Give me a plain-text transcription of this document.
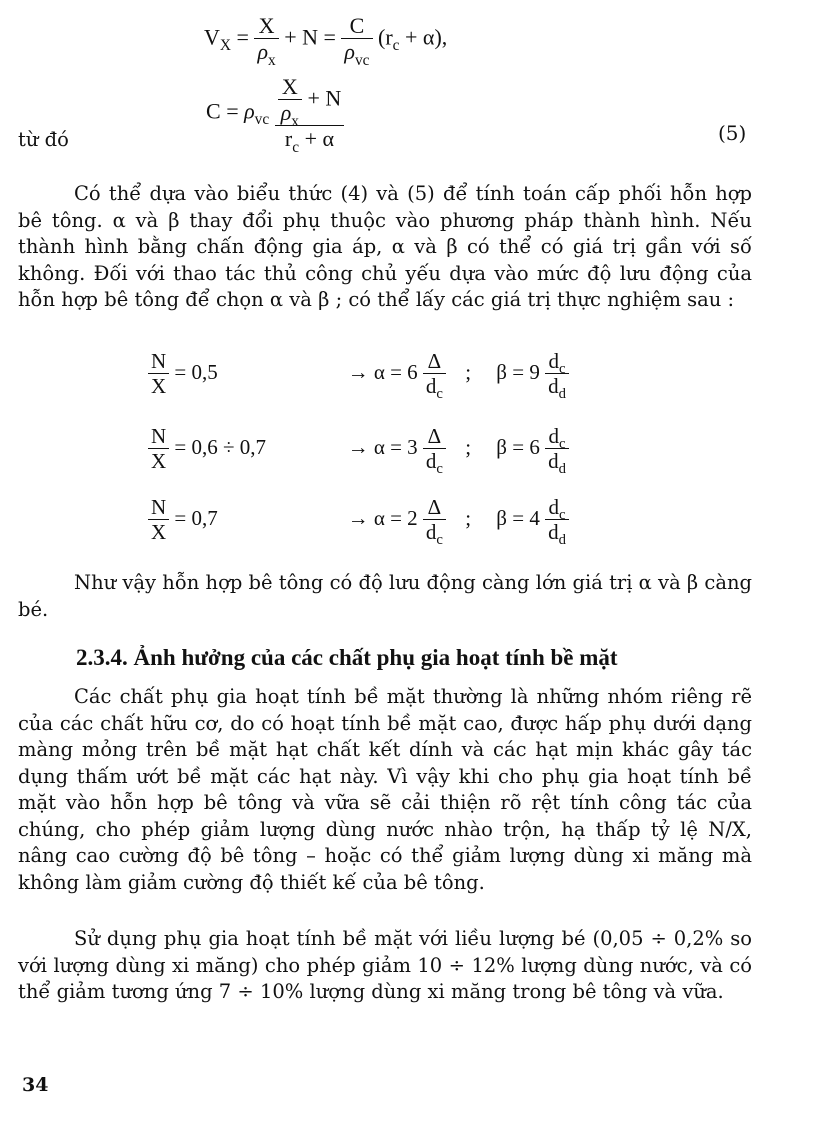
$V_X = \frac{X}{\rho_x} + N = \frac{C}{\rho_{vc}} (r_c + \alpha)$,
từ đó
$C = \rho_{vc} \frac{\frac{X}{\rho_x} + N}{r_c + \alpha}$	(5)
Có thể dựa vào biểu thức (4) và (5) để tính toán cấp phối hỗn hợp bê tông. α và β thay đổi phụ thuộc vào phương pháp thành hình. Nếu thành hình bằng chấn động gia áp, α và β có thể có giá trị gần với số không. Đối với thao tác thủ công chủ yếu dựa vào mức độ lưu động của hỗn hợp bê tông để chọn α và β ; có thể lấy các giá trị thực nghiệm sau :
$\frac{N}{X} = 0,5$	→ $\alpha = 6 \frac{\Delta}{d_c}$ ; $\beta = 9 \frac{d_c}{d_d}$
$\frac{N}{X} = 0,6 \div 0,7$	→ $\alpha = 3 \frac{\Delta}{d_c}$ ; $\beta = 6 \frac{d_c}{d_d}$
$\frac{N}{X} = 0,7$	→ $\alpha = 2 \frac{\Delta}{d_c}$ ; $\beta = 4 \frac{d_c}{d_d}$
Như vậy hỗn hợp bê tông có độ lưu động càng lớn giá trị α và β càng bé.
2.3.4. Ảnh hưởng của các chất phụ gia hoạt tính bề mặt
Các chất phụ gia hoạt tính bề mặt thường là những nhóm riêng rẽ của các chất hữu cơ, do có hoạt tính bề mặt cao, được hấp phụ dưới dạng màng mỏng trên bề mặt hạt chất kết dính và các hạt mịn khác gây tác dụng thấm ướt bề mặt các hạt này. Vì vậy khi cho phụ gia hoạt tính bề mặt vào hỗn hợp bê tông và vữa sẽ cải thiện rõ rệt tính công tác của chúng, cho phép giảm lượng dùng nước nhào trộn, hạ thấp tỷ lệ N/X, nâng cao cường độ bê tông – hoặc có thể giảm lượng dùng xi măng mà không làm giảm cường độ thiết kế của bê tông.
Sử dụng phụ gia hoạt tính bề mặt với liều lượng bé (0,05 ÷ 0,2% so với lượng dùng xi măng) cho phép giảm 10 ÷ 12% lượng dùng nước, và có thể giảm tương ứng 7 ÷ 10% lượng dùng xi măng trong bê tông và vữa.
34
